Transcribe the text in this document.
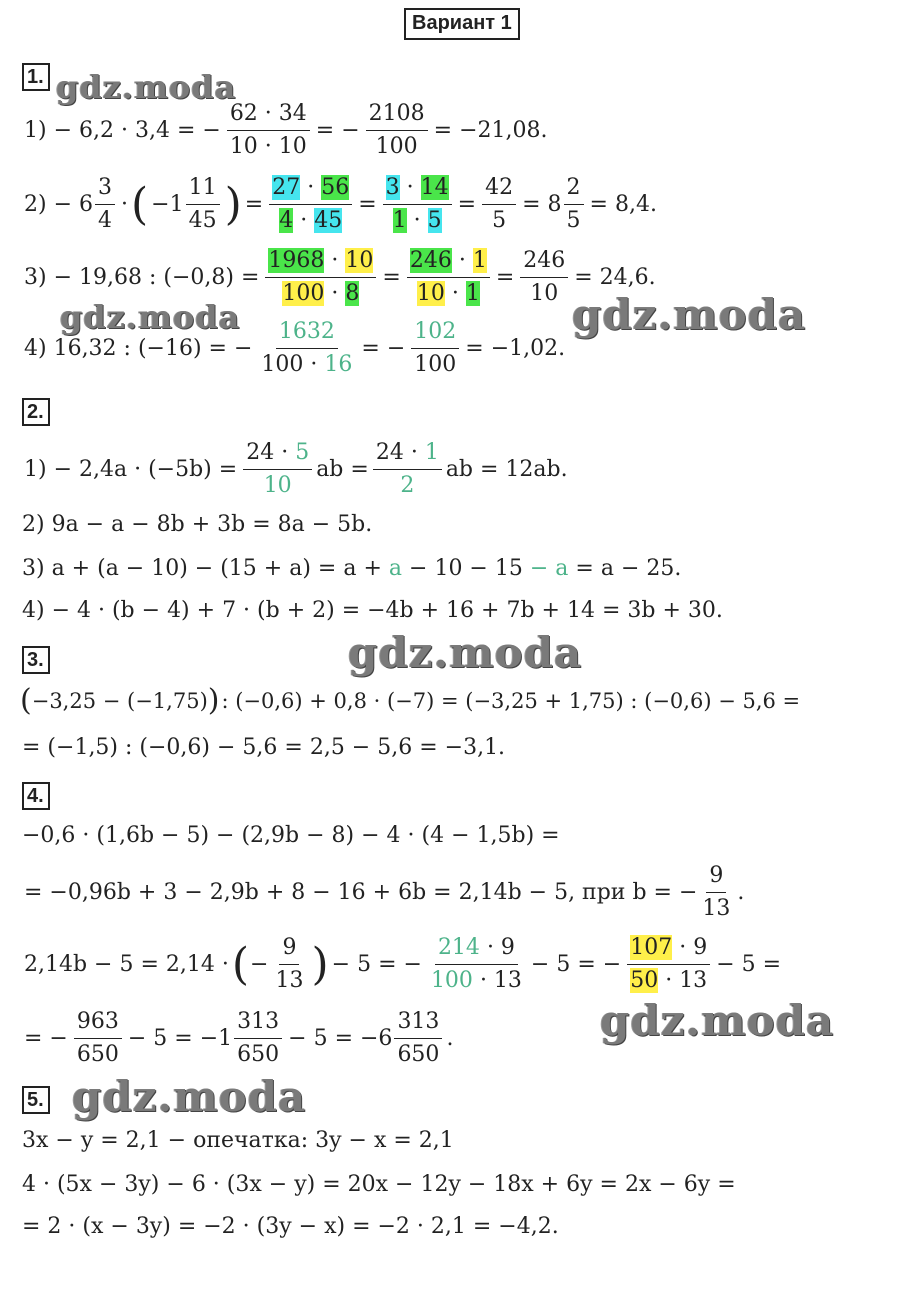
Вариант 1
1. gdz.moda
1) − 6,2 · 3,4 = − $\frac{62 \cdot 34}{10 \cdot 10}$ = − $\frac{2108}{100} = -21,08$.
$2) - 6 \frac{3}{4}$ · ( $-1 \frac{11}{45}$ ) = $\frac{27 \cdot 56}{4 \cdot 45} = \frac{3 \cdot 14}{1 \cdot 5} = \frac{42}{5} = 8 \frac{2}{5} = 8,4$.
3) − 19,68 : $(-0,8) = \frac{1968 \cdot 10}{100 \cdot 8} = \frac{246 \cdot 1}{10 \cdot 1} = \frac{246}{10} = 24,6$.
gdz.moda	gdz.moda
4) 16,32 : (−16) = − $\frac{1632}{100 \cdot 16}$ = − $\frac{102}{100} = -1,02$.
2.
$1) - 2,4a \cdot (-5b) = \frac{24 \cdot 5}{10}$ ab = $\frac{24 \cdot 1}{2}$ ab = 12ab.
2) 9a − a − 8b + 3b = 8a − 5b.
3) a + (a − 10) − (15 + a) = a + a − 10 − 15 − a = a − 25.
4) − 4 · (b − 4) + 7 · (b + 2) = −4b + 16 + 7b + 14 = 3b + 30.
3.	gdz.moda
( −3,25 − (−1,75) ) : (−0,6) + 0,8 · (−7) = (−3,25 + 1,75) : (−0,6) − 5,6 =
= (−1,5) : (−0,6) − 5,6 = 2,5 − 5,6 = −3,1.
4.
−0,6 · (1,6b − 5) − (2,9b − 8) − 4 · (4 − 1,5b) =
= −0,96b + 3 − 2,9b + 8 − 16 + 6b = 2,14b − 5, при b = − $\frac{9}{13}$ .
2,14b − 5 = 2,14 · ( − $\frac{9}{13}$ ) − 5 = − $\frac{214 \cdot 9}{100 \cdot 13} - 5$ = − $\frac{107 \cdot 9}{50 \cdot 13} - 5$ =
gdz.moda
= − $\frac{963}{650} - 5 = -1 \frac{313}{650} - 5 = -6 \frac{313}{650}$ .
5. gdz.moda
3x − y = 2,1 − опечатка: 3y − x = 2,1
4 · (5x − 3y) − 6 · (3x − y) = 20x − 12y − 18x + 6y = 2x − 6y =
= 2 · (x − 3y) = −2 · (3y − x) = −2 · 2,1 = −4,2.
